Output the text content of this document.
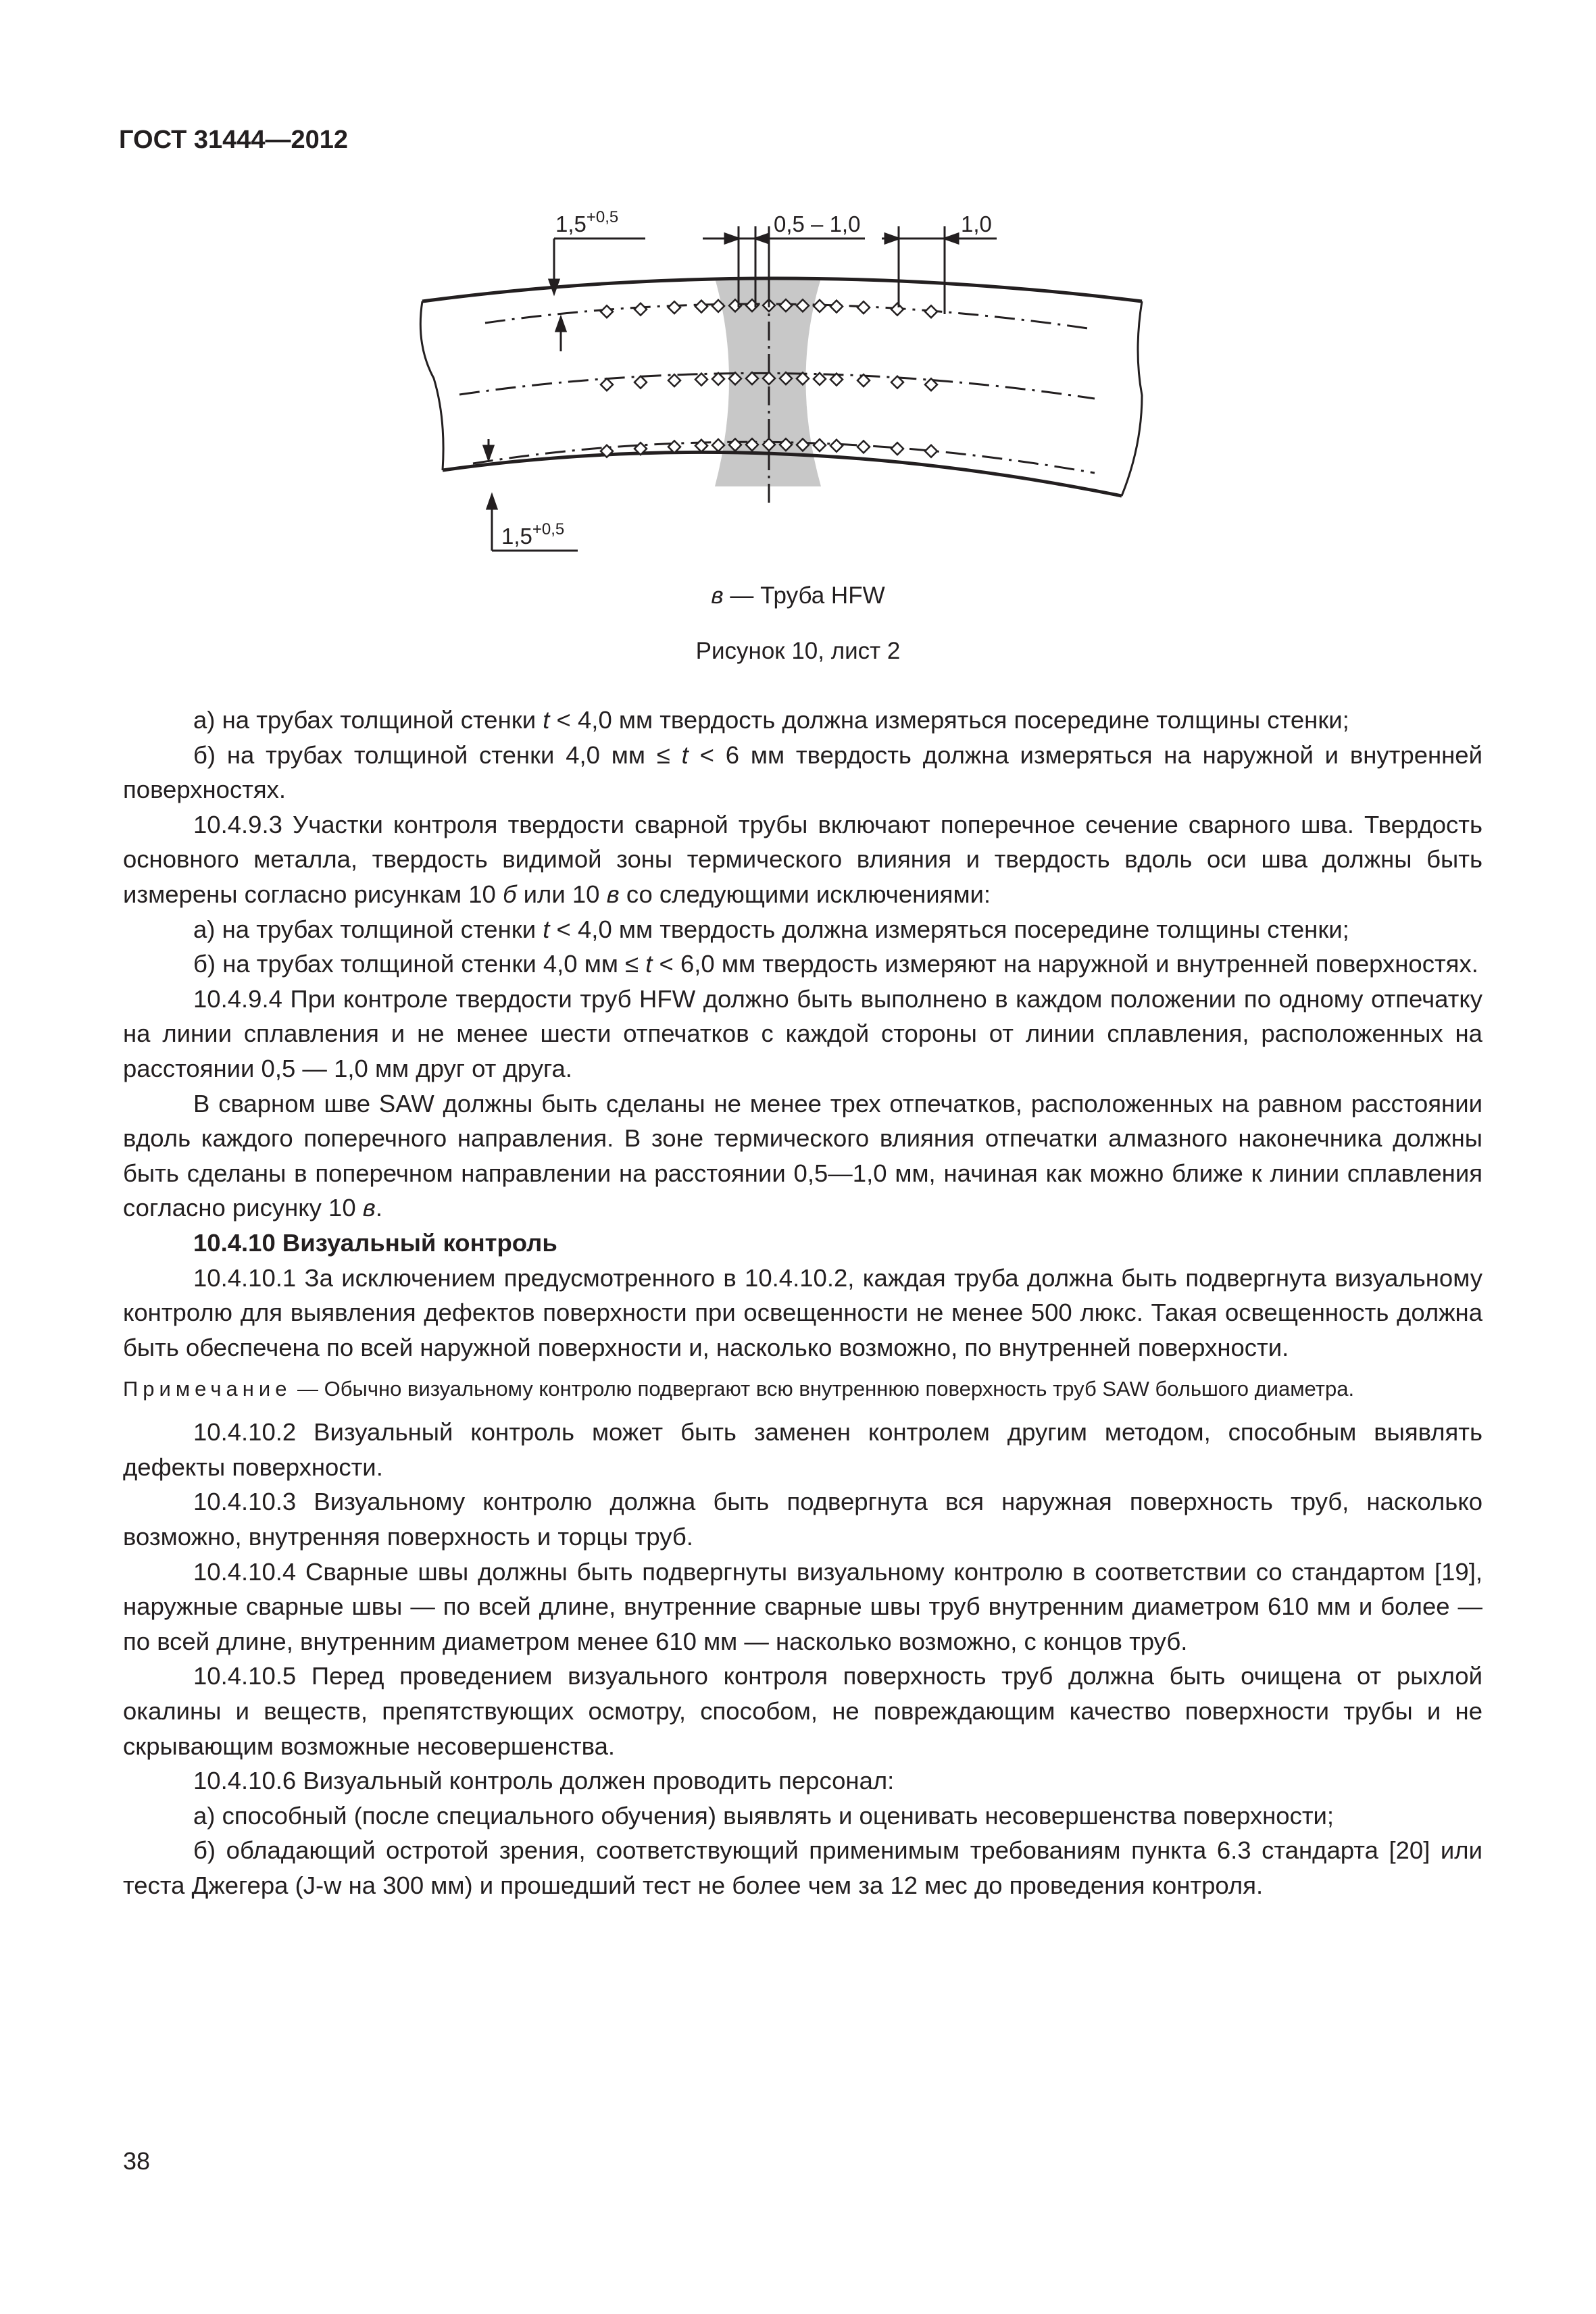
ГОСТ 31444—2012
$1,5^{+0,5}$	0,5 – 1,0	1,0
$1,5^{+0,5}$
в — Труба HFW
Рисунок 10, лист 2

а) на трубах толщиной стенки t < 4,0 мм твердость должна измеряться посередине толщины стенки;

б) на трубах толщиной стенки 4,0 мм ≤ t < 6 мм твердость должна измеряться на наружной и внутренней поверхностях.

10.4.9.3 Участки контроля твердости сварной трубы включают поперечное сечение сварного шва. Твердость основного металла, твердость видимой зоны термического влияния и твердость вдоль оси шва должны быть измерены согласно рисункам 10 б или 10 в со следующими исключениями:

а) на трубах толщиной стенки t < 4,0 мм твердость должна измеряться посередине толщины стенки;

б) на трубах толщиной стенки 4,0 мм ≤ t < 6,0 мм твердость измеряют на наружной и внутренней поверхностях.

10.4.9.4 При контроле твердости труб HFW должно быть выполнено в каждом положении по одному отпечатку на линии сплавления и не менее шести отпечатков с каждой стороны от линии сплавления, расположенных на расстоянии 0,5 — 1,0 мм друг от друга.

В сварном шве SAW должны быть сделаны не менее трех отпечатков, расположенных на равном расстоянии вдоль каждого поперечного направления. В зоне термического влияния отпечатки алмазного наконечника должны быть сделаны в поперечном направлении на расстоянии 0,5—1,0 мм, начиная как можно ближе к линии сплавления согласно рисунку 10 в.

10.4.10 Визуальный контроль

10.4.10.1 За исключением предусмотренного в 10.4.10.2, каждая труба должна быть подвергнута визуальному контролю для выявления дефектов поверхности при освещенности не менее 500 люкс. Такая освещенность должна быть обеспечена по всей наружной поверхности и, насколько возможно, по внутренней поверхности.

Примечание — Обычно визуальному контролю подвергают всю внутреннюю поверхность труб SAW большого диаметра.

10.4.10.2 Визуальный контроль может быть заменен контролем другим методом, способным выявлять дефекты поверхности.

10.4.10.3 Визуальному контролю должна быть подвергнута вся наружная поверхность труб, насколько возможно, внутренняя поверхность и торцы труб.

10.4.10.4 Сварные швы должны быть подвергнуты визуальному контролю в соответствии со стандартом [19], наружные сварные швы — по всей длине, внутренние сварные швы труб внутренним диаметром 610 мм и более — по всей длине, внутренним диаметром менее 610 мм — насколько возможно, с концов труб.

10.4.10.5 Перед проведением визуального контроля поверхность труб должна быть очищена от рыхлой окалины и веществ, препятствующих осмотру, способом, не повреждающим качество поверхности трубы и не скрывающим возможные несовершенства.

10.4.10.6 Визуальный контроль должен проводить персонал:

а) способный (после специального обучения) выявлять и оценивать несовершенства поверхности;

б) обладающий остротой зрения, соответствующий применимым требованиям пункта 6.3 стандарта [20] или теста Джегера (J-w на 300 мм) и прошедший тест не более чем за 12 мес до проведения контроля.

38
